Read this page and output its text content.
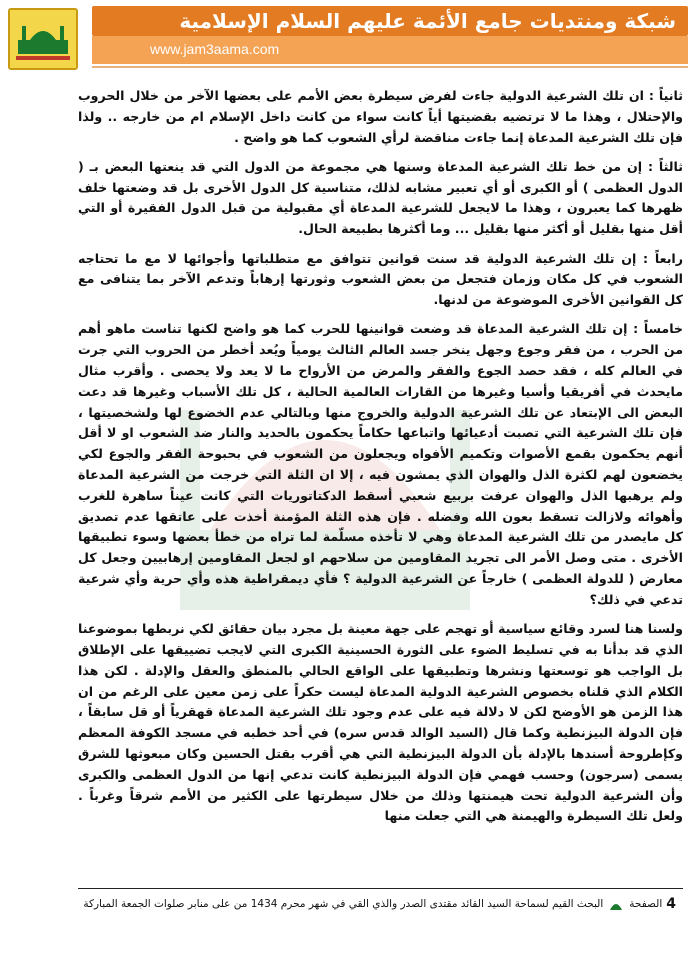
شبكة ومنتديات جامع الأئمة عليهم السلام الإسلامية
www.jam3aama.com

ثانياً : ان تلك الشرعية الدولية جاءت لفرض سيطرة بعض الأمم على بعضها الآخر من خلال الحروب والإحتلال ، وهذا ما لا ترتضيه بقضيتها أياً كانت سواء من كانت داخل الإسلام ام من خارجه .. ولذا فإن تلك الشرعية المدعاة إنما جاءت مناقضة لرأي الشعوب كما هو واضح .

ثالثاً : إن من خط تلك الشرعية المدعاة وسنها هي مجموعة من الدول التي قد ينعتها البعض بـ ( الدول العظمى ) أو الكبرى أو أي تعبير مشابه لذلك، متناسية كل الدول الأخرى بل قد وضعتها خلف ظهرها كما يعبرون ، وهذا ما لايجعل للشرعية المدعاة أي مقبولية من قبل الدول الفقيرة أو التي أقل منها بقليل أو أكثر منها بقليل ... وما أكثرها بطبيعة الحال.

رابعاً : إن تلك الشرعية الدولية قد سنت قوانين تتوافق مع متطلباتها وأجوائها لا مع ما تحتاجه الشعوب في كل مكان وزمان فتجعل من بعض الشعوب وثورتها إرهاباً وتدعم الآخر بما يتنافى مع كل القوانين الأخرى الموضوعة من لدنها.

خامساً : إن تلك الشرعية المدعاة قد وضعت قوانينها للحرب كما هو واضح لكنها تناست ماهو أهم من الحرب ، من فقر وجوع وجهل ينخر جسد العالم الثالث يومياً ويُعد أخطر من الحروب التي جرت في العالم كله ، فقد حصد الجوع والفقر والمرض من الأرواح ما لا يعد ولا يحصى . وأقرب مثال مايحدث في أفريقيا وأسيا وغيرها من القارات العالمية الحالية ، كل تلك الأسباب وغيرها قد دعت البعض الى الإبتعاد عن تلك الشرعية الدولية والخروج منها وبالتالي عدم الخضوع لها ولشخصيتها ، فإن تلك الشرعية التي تصبت أدعيائها واتباعها حكاماً يحكمون بالحديد والنار ضد الشعوب او لا أقل أنهم يحكمون بقمع الأصوات وتكميم الأفواه ويجعلون من الشعوب في بحبوحة الفقر والجوع لكي يخضعون لهم لكثرة الذل والهوان الذي يمشون فيه ، إلا ان الثلة التي خرجت من الشرعية المدعاة ولم يرهبها الذل والهوان عرفت بربيع شعبي أسقط الدكتاتوريات التي كانت عيناً ساهرة للغرب وأهوائه ولازالت تسقط بعون الله وفضله . فإن هذه الثلة المؤمنة أخذت على عاتقها عدم تصديق كل مايصدر من تلك الشرعية المدعاة وهي لا تأخذه مسلّمة لما تراه من خطأ بعضها وسوء تطبيقها الأخرى . متى وصل الأمر الى تجريد المقاومين من سلاحهم او لجعل المقاومين إرهابيين وجعل كل معارض ( للدولة العظمى ) خارجاً عن الشرعية الدولية ؟ فأي ديمقراطية هذه وأي حرية وأي شرعية تدعي في ذلك؟

ولسنا هنا لسرد وقائع سياسية أو تهجم على جهة معينة بل مجرد بيان حقائق لكي نربطها بموضوعنا الذي قد بدأنا به في تسليط الضوء على الثورة الحسينية الكبرى التي لايجب تضييقها على الإطلاق بل الواجب هو توسعتها ونشرها وتطبيقها على الواقع الحالي بالمنطق والعقل والإدلة . لكن هذا الكلام الذي قلناه بخصوص الشرعية الدولية المدعاة ليست حكراً على زمن معين على الرغم من ان هذا الزمن هو الأوضح لكن لا دلالة فيه على عدم وجود تلك الشرعية المدعاة قهقرياً أو قل سابقاً ، فإن الدولة البيزنطية وكما قال (السيد الوالد قدس سره) في أحد خطبه في مسجد الكوفة المعظم وكإطروحة أسندها بالإدلة بأن الدولة البيزنطية التي هي أقرب بقتل الحسين وكان مبعوثها للشرق يسمى (سرجون) وحسب فهمي فإن الدولة البيزنطية كانت تدعي إنها من الدول العظمى والكبرى وأن الشرعية الدولية تحت هيمنتها وذلك من خلال سيطرتها على الكثير من الأمم شرقاً وغرباً . ولعل تلك السيطرة والهيمنة هي التي جعلت منها

4
الصفحة
البحث القيم لسماحة السيد القائد مقتدى الصدر والذي القي في شهر محرم 1434 من على منابر صلوات الجمعة المباركة
